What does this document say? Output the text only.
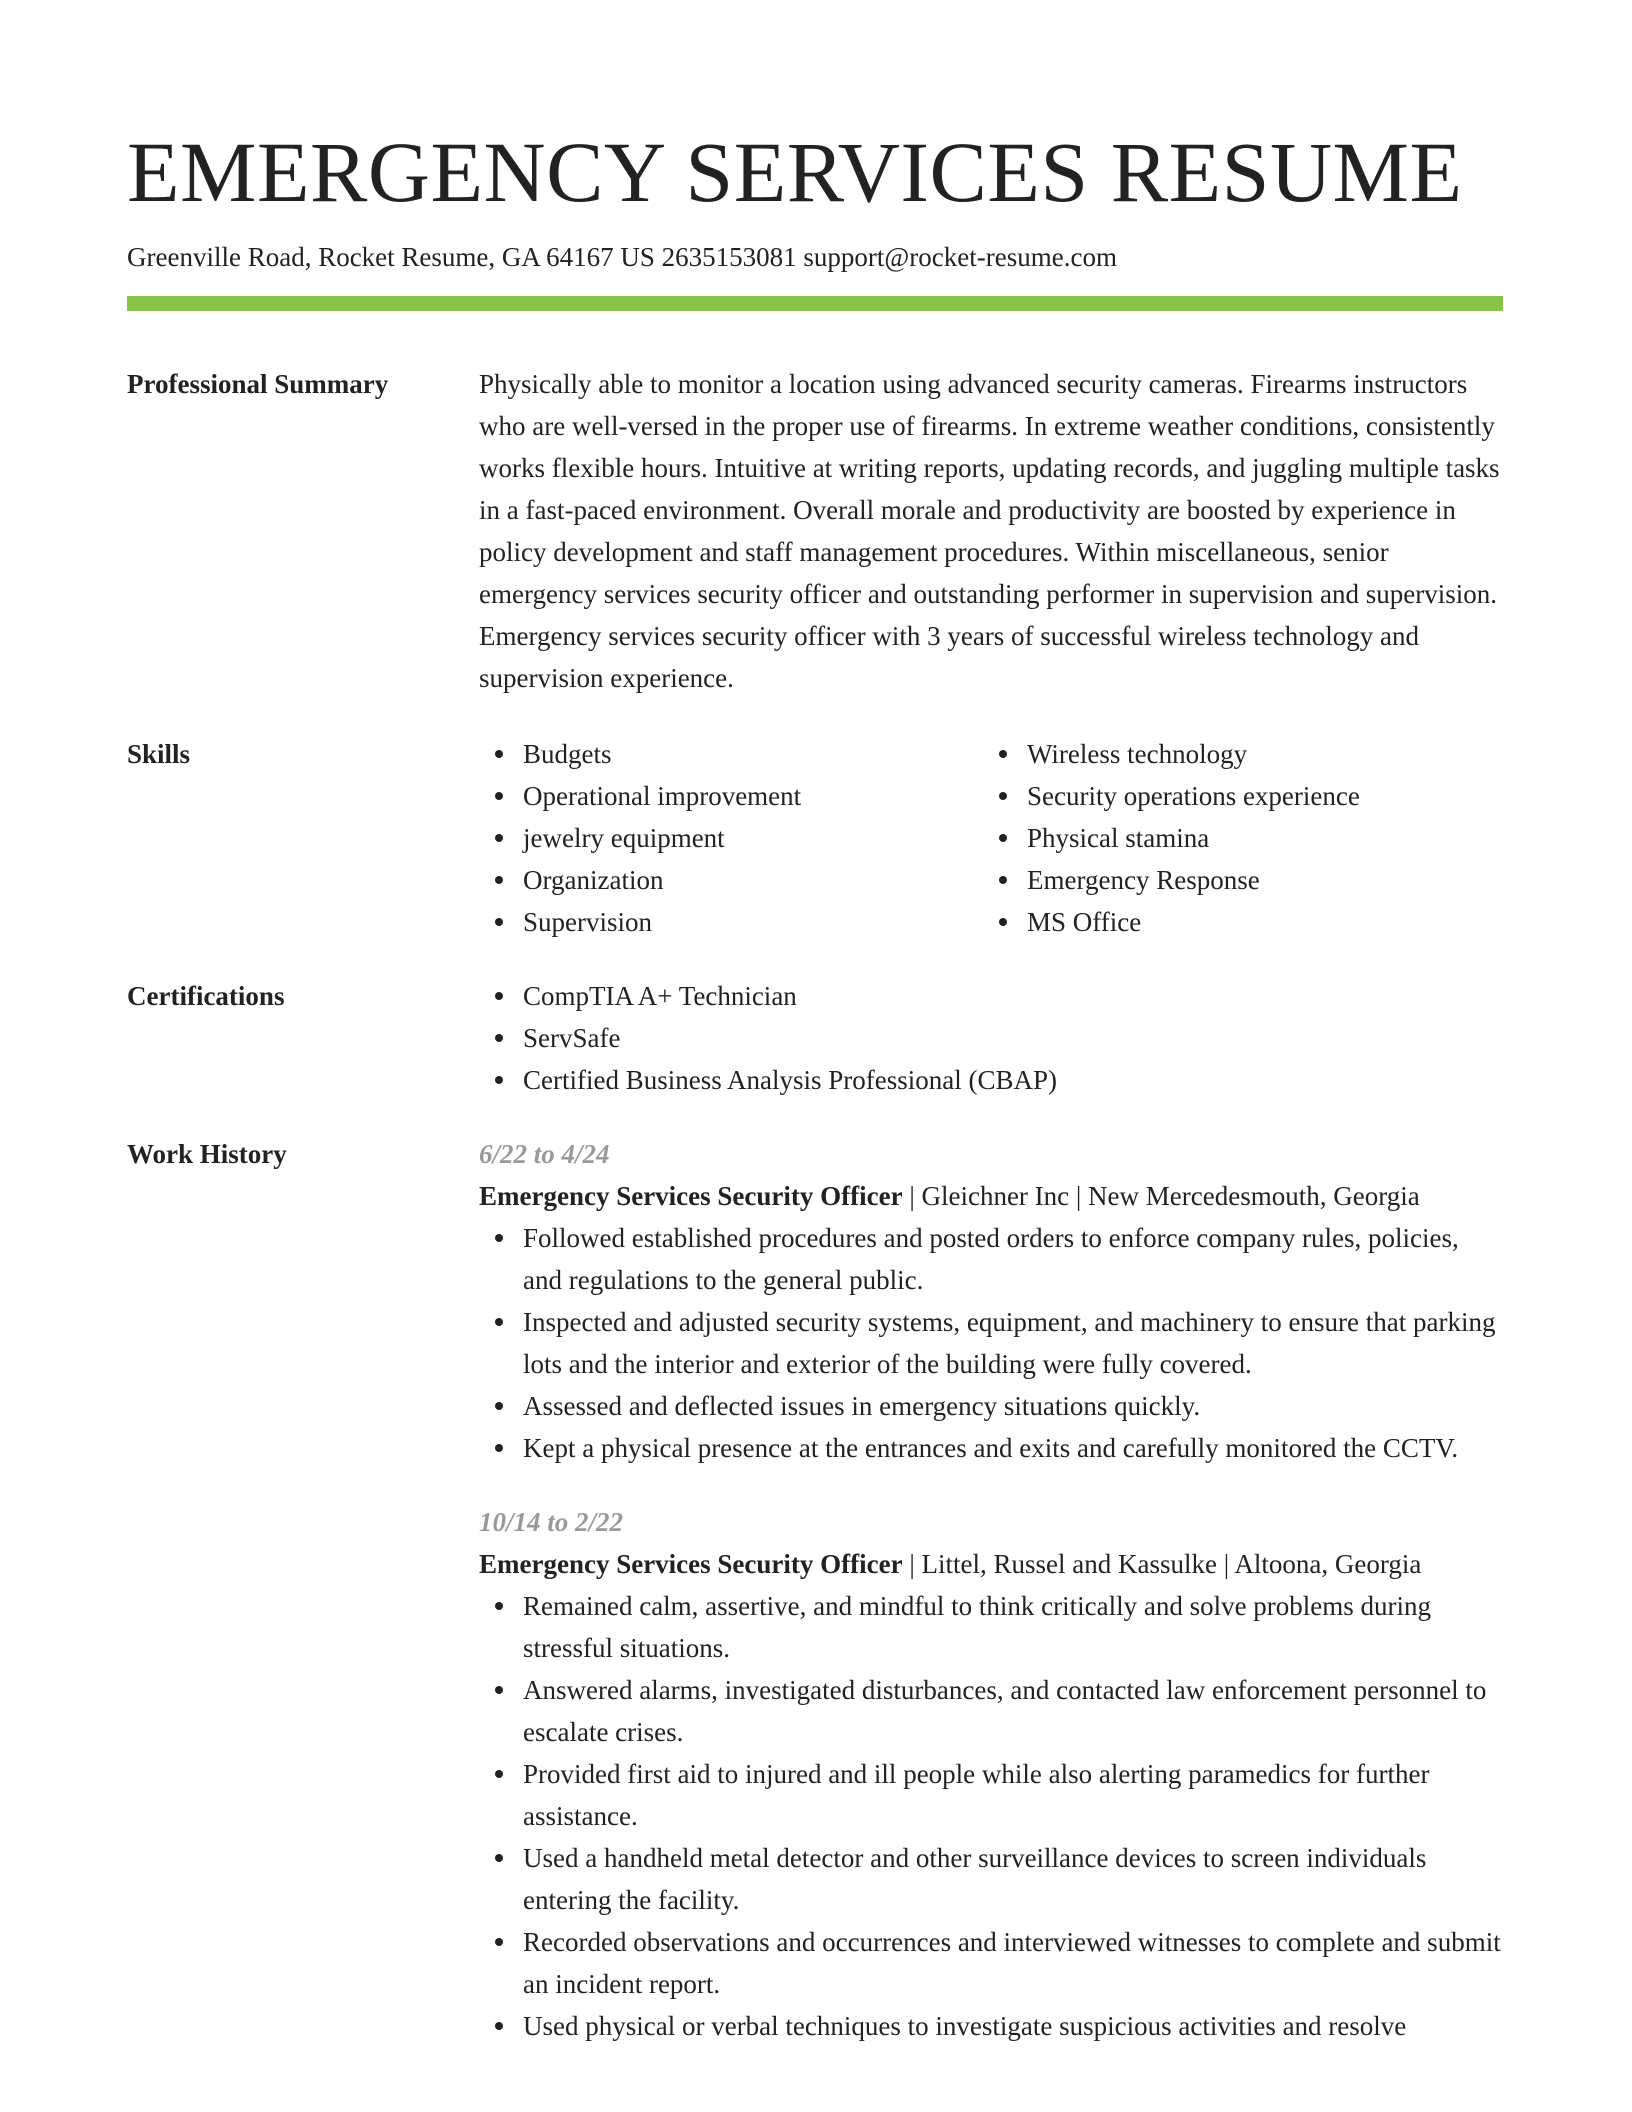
EMERGENCY SERVICES RESUME
Greenville Road, Rocket Resume, GA 64167 US 2635153081 support@rocket-resume.com
Professional Summary	Physically able to monitor a location using advanced security cameras. Firearms instructors who are well-versed in the proper use of firearms. In extreme weather conditions, consistently works flexible hours. Intuitive at writing reports, updating records, and juggling multiple tasks in a fast-paced environment. Overall morale and productivity are boosted by experience in policy development and staff management procedures. Within miscellaneous, senior emergency services security officer and outstanding performer in supervision and supervision. Emergency services security officer with 3 years of successful wireless technology and supervision experience.

Skills	Budgets
Operational improvement
jewelry equipment
Organization
Supervision
Wireless technology
Security operations experience
Physical stamina
Emergency Response
MS Office
Certifications	CompTIA A+ Technician
ServSafe
Certified Business Analysis Professional (CBAP)
Work History	6/22 to 4/24
Emergency Services Security Officer | Gleichner Inc | New Mercedesmouth, Georgia
Followed established procedures and posted orders to enforce company rules, policies, and regulations to the general public.
Inspected and adjusted security systems, equipment, and machinery to ensure that parking lots and the interior and exterior of the building were fully covered.
Assessed and deflected issues in emergency situations quickly.
Kept a physical presence at the entrances and exits and carefully monitored the CCTV.
10/14 to 2/22
Emergency Services Security Officer | Littel, Russel and Kassulke | Altoona, Georgia
Remained calm, assertive, and mindful to think critically and solve problems during stressful situations.
Answered alarms, investigated disturbances, and contacted law enforcement personnel to escalate crises.
Provided first aid to injured and ill people while also alerting paramedics for further assistance.
Used a handheld metal detector and other surveillance devices to screen individuals entering the facility.
Recorded observations and occurrences and interviewed witnesses to complete and submit an incident report.
Used physical or verbal techniques to investigate suspicious activities and resolve
